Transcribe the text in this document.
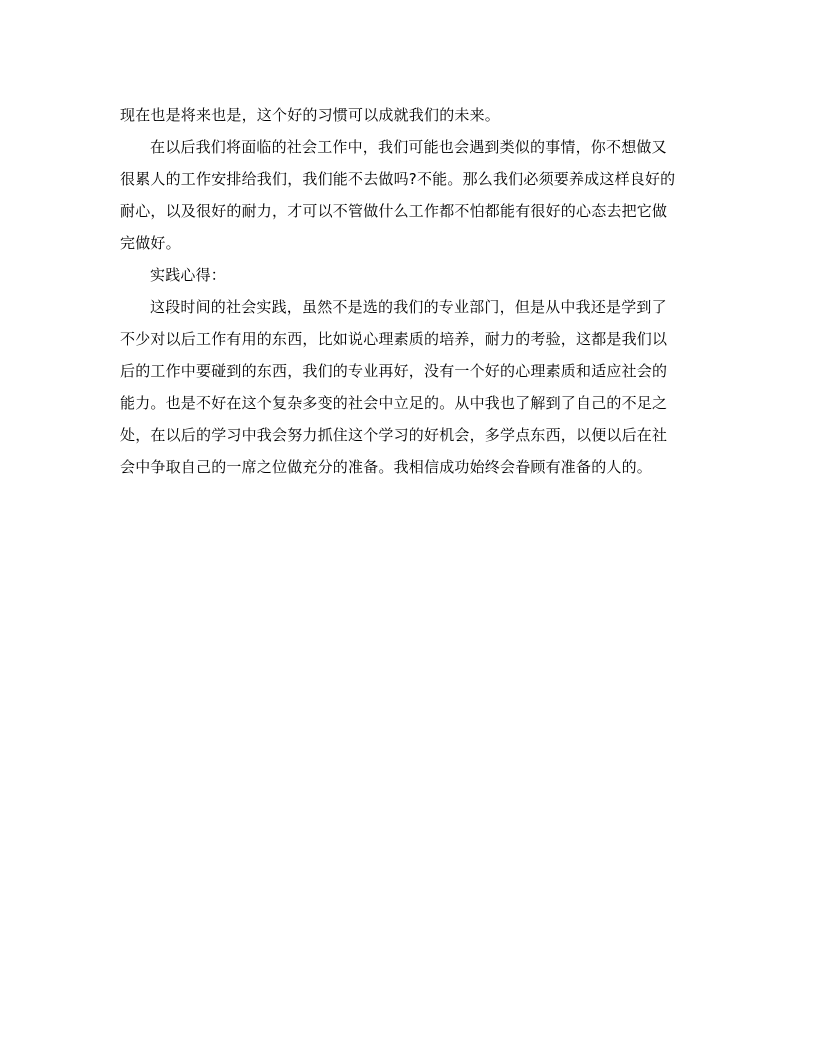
现在也是将来也是，这个好的习惯可以成就我们的未来。
在以后我们将面临的社会工作中，我们可能也会遇到类似的事情，你不想做又
很累人的工作安排给我们，我们能不去做吗?不能。那么我们必须要养成这样良好的
耐心，以及很好的耐力，才可以不管做什么工作都不怕都能有很好的心态去把它做
完做好。
实践心得：
这段时间的社会实践，虽然不是选的我们的专业部门，但是从中我还是学到了
不少对以后工作有用的东西，比如说心理素质的培养，耐力的考验，这都是我们以
后的工作中要碰到的东西，我们的专业再好，没有一个好的心理素质和适应社会的
能力。也是不好在这个复杂多变的社会中立足的。从中我也了解到了自己的不足之
处，在以后的学习中我会努力抓住这个学习的好机会，多学点东西，以便以后在社
会中争取自己的一席之位做充分的准备。我相信成功始终会眷顾有准备的人的。
